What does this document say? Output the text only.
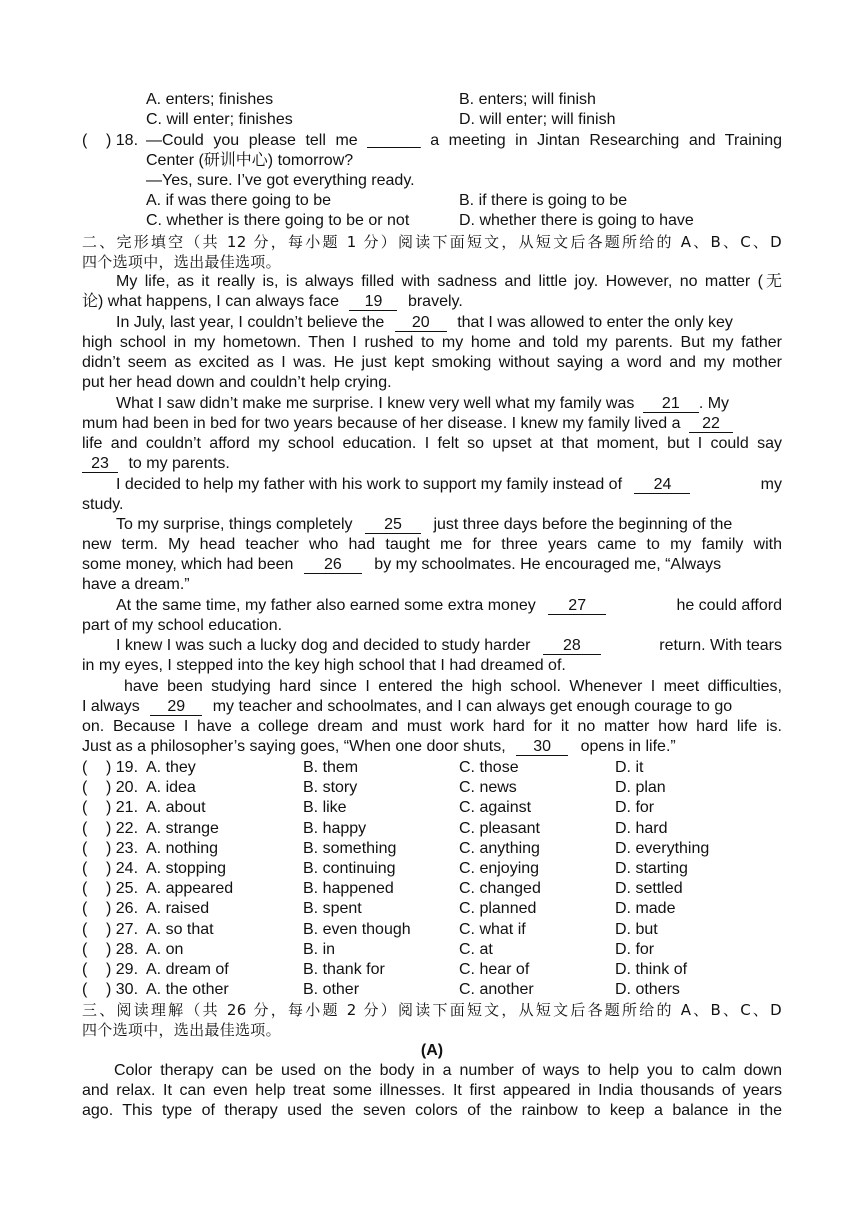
A. enters; finishes	B. enters; will finish
C. will enter; finishes	D. will enter; will finish
( ) 18. —Could you please tell me ______ a meeting in Jintan Researching and Training
Center (研训中心) tomorrow?
—Yes, sure. I’ve got everything ready.
A. if was there going to be	B. if there is going to be
C. whether is there going to be or not	D. whether there is going to have
二、完形填空（共 12 分，每小题 1 分）阅读下面短文，从短文后各题所给的 A、B、C、D
四个选项中，选出最佳选项。
My life, as it really is, is always filled with sadness and little joy. However, no matter (无
论) what happens, I can always face 19 bravely.
In July, last year, I couldn’t believe the 20 that I was allowed to enter the only key
high school in my hometown. Then I rushed to my home and told my parents. But my father
didn’t seem as excited as I was. He just kept smoking without saying a word and my mother
put her head down and couldn’t help crying.
What I saw didn’t make me surprise. I knew very well what my family was 21 . My
mum had been in bed for two years because of her disease. I knew my family lived a 22
life and couldn’t afford my school education. I felt so upset at that moment, but I could say
23 to my parents.
I decided to help my father with his work to support my family instead of 24	my
study.
To my surprise, things completely 25 just three days before the beginning of the
new term. My head teacher who had taught me for three years came to my family with
some money, which had been 26 by my schoolmates. He encouraged me, “Always
have a dream.”
At the same time, my father also earned some extra money 27	he could afford
part of my school education.
I knew I was such a lucky dog and decided to study harder 28	return. With tears
in my eyes, I stepped into the key high school that I had dreamed of.
have been studying hard since I entered the high school. Whenever I meet difficulties,
I always 29 my teacher and schoolmates, and I can always get enough courage to go
on. Because I have a college dream and must work hard for it no matter how hard life is.
Just as a philosopher’s saying goes, “When one door shuts, 30 opens in life.”
( ) 19. A. they	B. them	C. those	D. it
( ) 20. A. idea	B. story	C. news	D. plan
( ) 21. A. about	B. like	C. against	D. for
( ) 22. A. strange	B. happy	C. pleasant	D. hard
( ) 23. A. nothing	B. something	C. anything	D. everything
( ) 24. A. stopping	B. continuing	C. enjoying	D. starting
( ) 25. A. appeared	B. happened	C. changed	D. settled
( ) 26. A. raised	B. spent	C. planned	D. made
( ) 27. A. so that	B. even though	C. what if	D. but
( ) 28. A. on	B. in	C. at	D. for
( ) 29. A. dream of	B. thank for	C. hear of	D. think of
( ) 30. A. the other	B. other	C. another	D. others
三、阅读理解（共 26 分，每小题 2 分）阅读下面短文，从短文后各题所给的 A、B、C、D
四个选项中，选出最佳选项。
(A)
Color therapy can be used on the body in a number of ways to help you to calm down
and relax. It can even help treat some illnesses. It first appeared in India thousands of years
ago. This type of therapy used the seven colors of the rainbow to keep a balance in the
